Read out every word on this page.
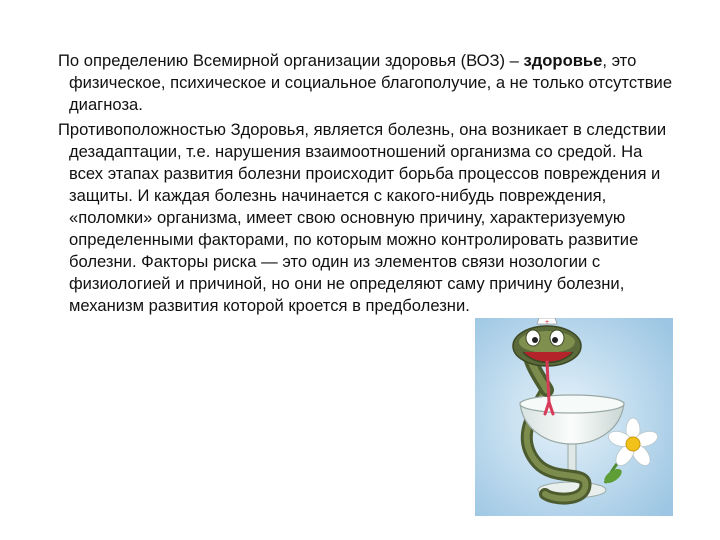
По определению Всемирной организации здоровья (ВОЗ) – здоровье, это физическое, психическое и социальное благополучие, а не только отсутствие диагноза.

Противоположностью Здоровья, является болезнь, она возникает в следствии дезадаптации, т.е. нарушения взаимоотношений организма со средой. На всех этапах развития болезни происходит борьба процессов повреждения и защиты. И каждая болезнь начинается с какого-нибудь повреждения, «поломки» организма, имеет свою основную причину, характеризуемую определенными факторами, по которым можно контролировать развитие болезни. Факторы риска — это один из элементов связи нозологии с физиологией и причиной, но они не определяют саму причину болезни, механизм развития которой кроется в предболезни.

+
